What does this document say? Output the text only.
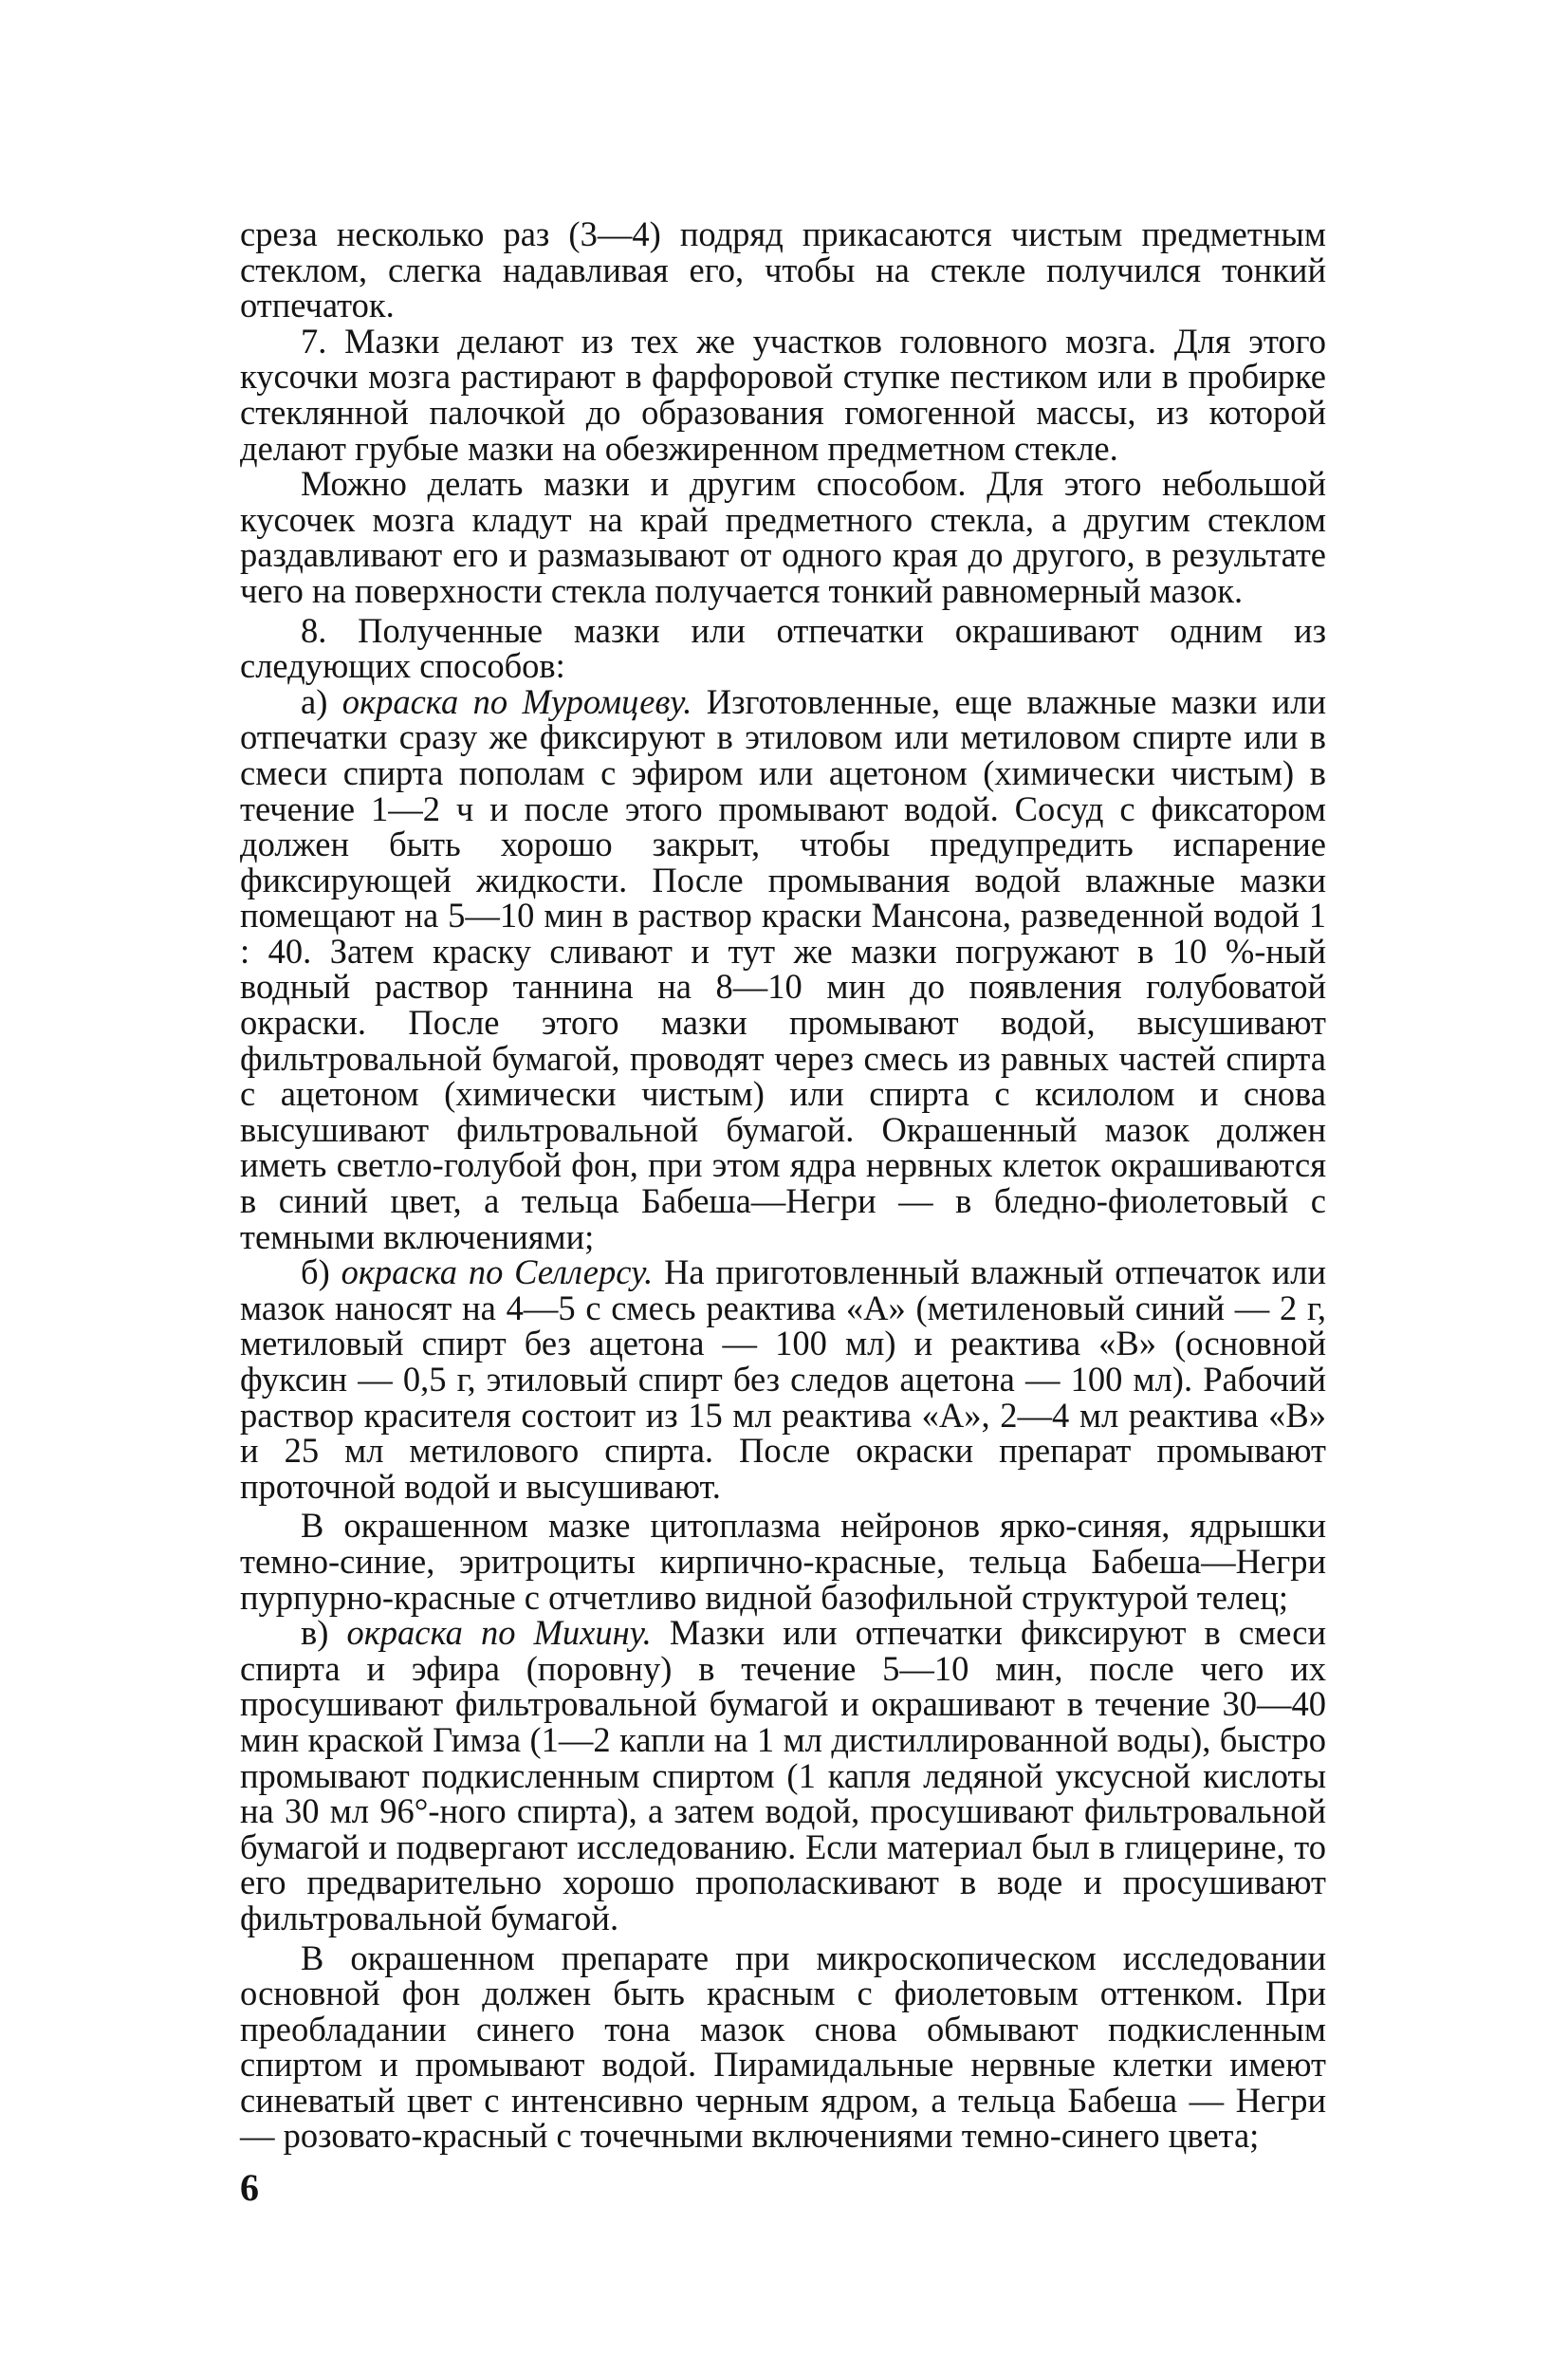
среза несколько раз (3—4) подряд прикасаются чистым предметным стеклом, слегка надавливая его, чтобы на стекле получился тонкий отпечаток.

7. Мазки делают из тех же участков головного мозга. Для этого кусочки мозга растирают в фарфоровой ступке пестиком или в пробирке стеклянной палочкой до образования гомогенной массы, из которой делают грубые мазки на обезжиренном предметном стекле.

Можно делать мазки и другим способом. Для этого небольшой кусочек мозга кладут на край предметного стекла, а другим стеклом раздавливают его и размазывают от одного края до другого, в результате чего на поверхности стекла получается тонкий равномерный мазок.

8. Полученные мазки или отпечатки окрашивают одним из следующих способов:

а) окраска по Муромцеву. Изготовленные, еще влажные мазки или отпечатки сразу же фиксируют в этиловом или метиловом спирте или в смеси спирта пополам с эфиром или ацетоном (химически чистым) в течение 1—2 ч и после этого промывают водой. Сосуд с фиксатором должен быть хорошо закрыт, чтобы предупредить испарение фиксирующей жидкости. После промывания водой влажные мазки помещают на 5—10 мин в раствор краски Мансона, разведенной водой 1 : 40. Затем краску сливают и тут же мазки погружают в 10 %-ный водный раствор таннина на 8—10 мин до появления голубоватой окраски. После этого мазки промывают водой, высушивают фильтровальной бумагой, проводят через смесь из равных частей спирта с ацетоном (химически чистым) или спирта с ксилолом и снова высушивают фильтровальной бумагой. Окрашенный мазок должен иметь светло-голубой фон, при этом ядра нервных клеток окрашиваются в синий цвет, а тельца Бабеша—Негри — в бледно-фиолетовый с темными включениями;

б) окраска по Селлерсу. На приготовленный влажный отпечаток или мазок наносят на 4—5 с смесь реактива «А» (метиленовый синий — 2 г, метиловый спирт без ацетона — 100 мл) и реактива «В» (основной фуксин — 0,5 г, этиловый спирт без следов ацетона — 100 мл). Рабочий раствор красителя состоит из 15 мл реактива «А», 2—4 мл реактива «В» и 25 мл метилового спирта. После окраски препарат промывают проточной водой и высушивают.

В окрашенном мазке цитоплазма нейронов ярко-синяя, ядрышки темно-синие, эритроциты кирпично-красные, тельца Бабеша—Негри пурпурно-красные с отчетливо видной базофильной структурой телец;

в) окраска по Михину. Мазки или отпечатки фиксируют в смеси спирта и эфира (поровну) в течение 5—10 мин, после чего их просушивают фильтровальной бумагой и окрашивают в течение 30—40 мин краской Гимза (1—2 капли на 1 мл дистиллированной воды), быстро промывают подкисленным спиртом (1 капля ледяной уксусной кислоты на 30 мл 96°-ного спирта), а затем водой, просушивают фильтровальной бумагой и подвергают исследованию. Если материал был в глицерине, то его предварительно хорошо прополаскивают в воде и просушивают фильтровальной бумагой.

В окрашенном препарате при микроскопическом исследовании основной фон должен быть красным с фиолетовым оттенком. При преобладании синего тона мазок снова обмывают подкисленным спиртом и промывают водой. Пирамидальные нервные клетки имеют синеватый цвет с интенсивно черным ядром, а тельца Бабеша — Негри — розовато-красный с точечными включениями темно-синего цвета;

6
